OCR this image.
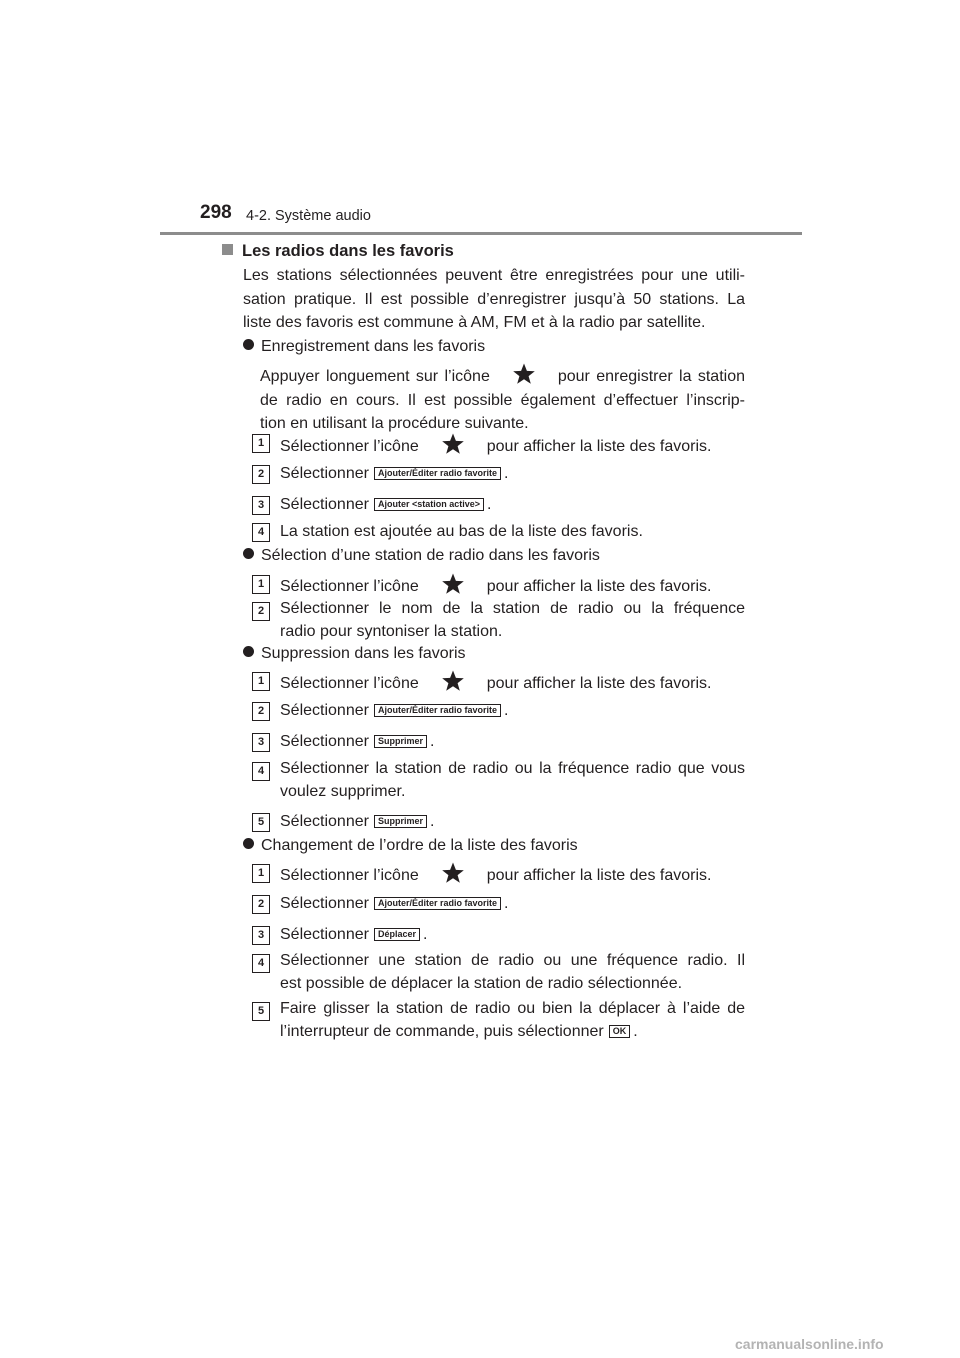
298 4-2. Système audio
Les radios dans les favoris
Les stations sélectionnées peuvent être enregistrées pour une utili-
sation pratique. Il est possible d’enregistrer jusqu’à 50 stations. La
liste des favoris est commune à AM, FM et à la radio par satellite.
Enregistrement dans les favoris
Appuyer longuement sur l’icône	pour enregistrer la station
de radio en cours. Il est possible également d’effectuer l’inscrip-
tion en utilisant la procédure suivante.
1 Sélectionner l’icône	pour afficher la liste des favoris.
2 Sélectionner Ajouter/Éditer radio favorite .
3 Sélectionner Ajouter <station active> .
4 La station est ajoutée au bas de la liste des favoris.
Sélection d’une station de radio dans les favoris
1 Sélectionner l’icône	pour afficher la liste des favoris.
2 Sélectionner le nom de la station de radio ou la fréquence
radio pour syntoniser la station.
Suppression dans les favoris
1 Sélectionner l’icône	pour afficher la liste des favoris.
2 Sélectionner Ajouter/Éditer radio favorite .
3 Sélectionner Supprimer .
4 Sélectionner la station de radio ou la fréquence radio que vous
voulez supprimer.
5 Sélectionner Supprimer .
Changement de l’ordre de la liste des favoris
1 Sélectionner l’icône	pour afficher la liste des favoris.
2 Sélectionner Ajouter/Éditer radio favorite .
3 Sélectionner Déplacer .
4 Sélectionner une station de radio ou une fréquence radio. Il
est possible de déplacer la station de radio sélectionnée.
5 Faire glisser la station de radio ou bien la déplacer à l’aide de
l’interrupteur de commande, puis sélectionner OK .
carmanualsonline.info
